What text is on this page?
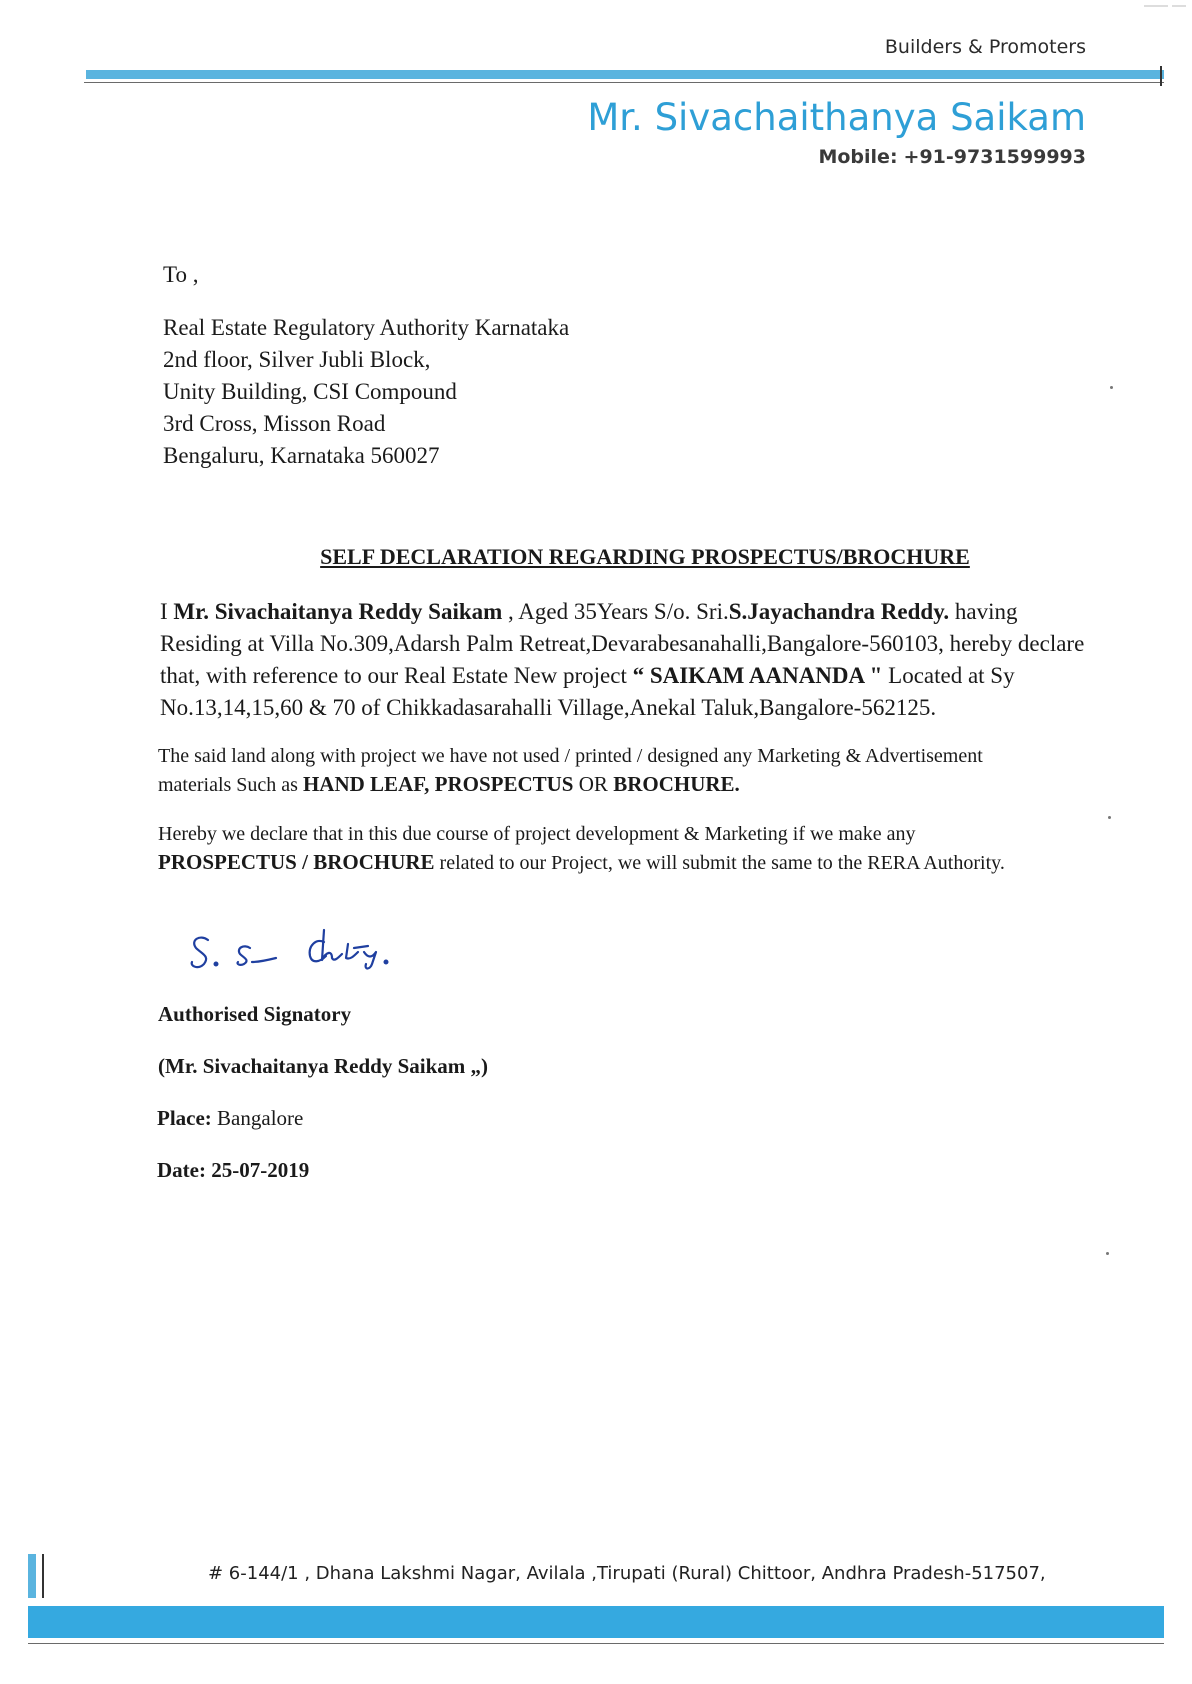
Builders & Promoters
Mr. Sivachaithanya Saikam
Mobile: +91-9731599993
To ,
Real Estate Regulatory Authority Karnataka
2nd floor, Silver Jubli Block,
Unity Building, CSI Compound
3rd Cross, Misson Road
Bengaluru, Karnataka 560027
SELF DECLARATION REGARDING PROSPECTUS/BROCHURE
I Mr. Sivachaitanya Reddy Saikam , Aged 35Years S/o. Sri.S.Jayachandra Reddy. having
Residing at Villa No.309,Adarsh Palm Retreat,Devarabesanahalli,Bangalore-560103, hereby declare
that, with reference to our Real Estate New project “ SAIKAM AANANDA " Located at Sy
No.13,14,15,60 & 70 of Chikkadasarahalli Village,Anekal Taluk,Bangalore-562125.
The said land along with project we have not used / printed / designed any Marketing & Advertisement
materials Such as HAND LEAF, PROSPECTUS OR BROCHURE.
Hereby we declare that in this due course of project development & Marketing if we make any
PROSPECTUS / BROCHURE related to our Project, we will submit the same to the RERA Authority.
Authorised Signatory
(Mr. Sivachaitanya Reddy Saikam „)
Place: Bangalore
Date: 25-07-2019
# 6-144/1 , Dhana Lakshmi Nagar, Avilala ,Tirupati (Rural) Chittoor, Andhra Pradesh-517507,
